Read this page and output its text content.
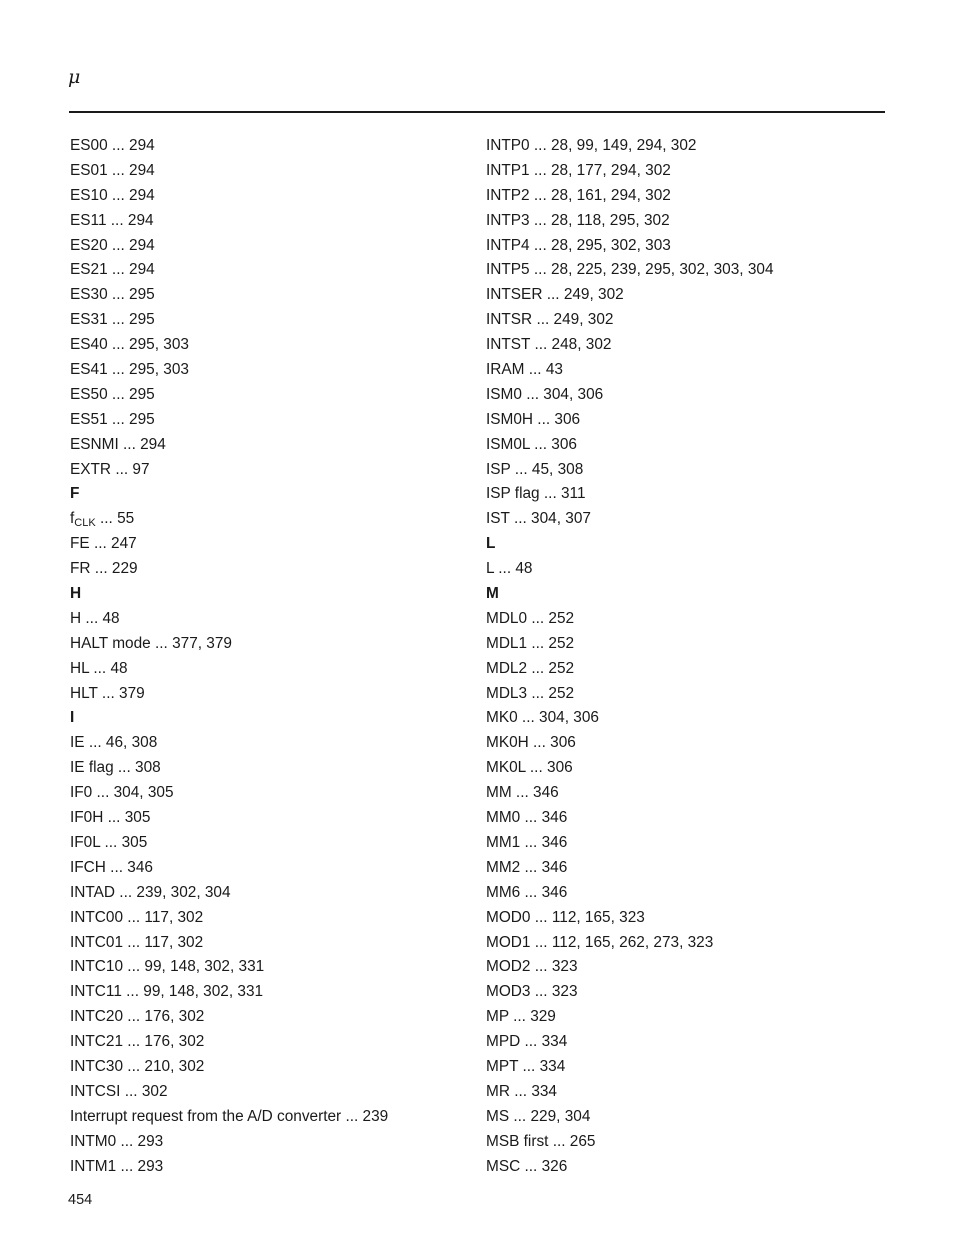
μ
ES00 ... 294
ES01 ... 294
ES10 ... 294
ES11 ... 294
ES20 ... 294
ES21 ... 294
ES30 ... 295
ES31 ... 295
ES40 ... 295, 303
ES41 ... 295, 303
ES50 ... 295
ES51 ... 295
ESNMI ... 294
EXTR ... 97
F
$f_{CLK}$ ... 55
FE ... 247
FR ... 229
H
H ... 48
HALT mode ... 377, 379
HL ... 48
HLT ... 379
I
IE ... 46, 308
IE flag ... 308
IF0 ... 304, 305
IF0H ... 305
IF0L ... 305
IFCH ... 346
INTAD ... 239, 302, 304
INTC00 ... 117, 302
INTC01 ... 117, 302
INTC10 ... 99, 148, 302, 331
INTC11 ... 99, 148, 302, 331
INTC20 ... 176, 302
INTC21 ... 176, 302
INTC30 ... 210, 302
INTCSI ... 302
Interrupt request from the A/D converter ... 239
INTM0 ... 293
INTM1 ... 293
INTP0 ... 28, 99, 149, 294, 302
INTP1 ... 28, 177, 294, 302
INTP2 ... 28, 161, 294, 302
INTP3 ... 28, 118, 295, 302
INTP4 ... 28, 295, 302, 303
INTP5 ... 28, 225, 239, 295, 302, 303, 304
INTSER ... 249, 302
INTSR ... 249, 302
INTST ... 248, 302
IRAM ... 43
ISM0 ... 304, 306
ISM0H ... 306
ISM0L ... 306
ISP ... 45, 308
ISP flag ... 311
IST ... 304, 307
L
L ... 48
M
MDL0 ... 252
MDL1 ... 252
MDL2 ... 252
MDL3 ... 252
MK0 ... 304, 306
MK0H ... 306
MK0L ... 306
MM ... 346
MM0 ... 346
MM1 ... 346
MM2 ... 346
MM6 ... 346
MOD0 ... 112, 165, 323
MOD1 ... 112, 165, 262, 273, 323
MOD2 ... 323
MOD3 ... 323
MP ... 329
MPD ... 334
MPT ... 334
MR ... 334
MS ... 229, 304
MSB first ... 265
MSC ... 326
454
